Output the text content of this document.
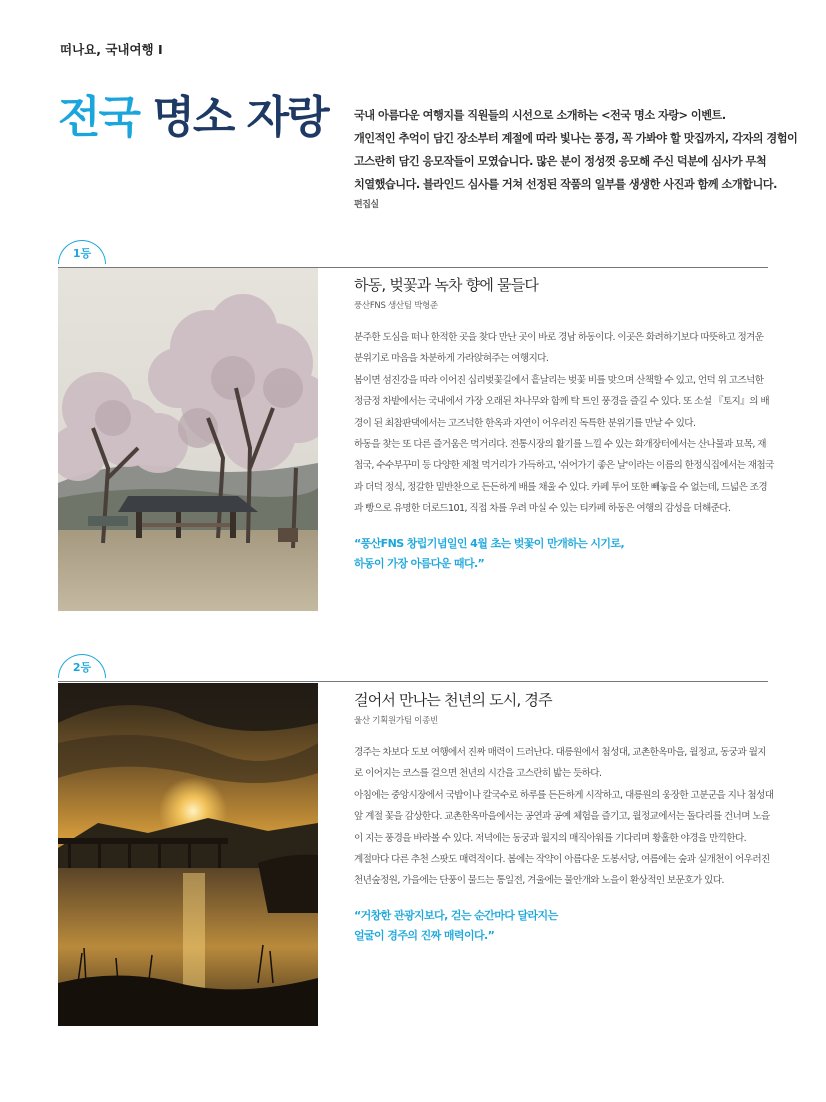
떠나요, 국내여행 Ⅰ
전국 명소 자랑 국내 아름다운 여행지를 직원들의 시선으로 소개하는 <전국 명소 자랑> 이벤트.

개인적인 추억이 담긴 장소부터 계절에 따라 빛나는 풍경, 꼭 가봐야 할 맛집까지, 각자의 경험이

고스란히 담긴 응모작들이 모였습니다. 많은 분이 정성껏 응모해 주신 덕분에 심사가 무척

치열했습니다. 블라인드 심사를 거쳐 선정된 작품의 일부를 생생한 사진과 함께 소개합니다.

편집실

1등
하동, 벚꽃과 녹차 향에 물들다
풍산FNS 생산팀 박형준

분주한 도심을 떠나 한적한 곳을 찾다 만난 곳이 바로 경남 하동이다. 이곳은 화려하기보다 따뜻하고 정겨운 분위기로 마음을 차분하게 가라앉혀주는 여행지다.

봄이면 섬진강을 따라 이어진 십리벚꽃길에서 흩날리는 벚꽃 비를 맞으며 산책할 수 있고, 언덕 위 고즈넉한 정금정 차밭에서는 국내에서 가장 오래된 차나무와 함께 탁 트인 풍경을 즐길 수 있다. 또 소설 『토지』의 배경이 된 최참판댁에서는 고즈넉한 한옥과 자연이 어우러진 독특한 분위기를 만날 수 있다.

하동을 찾는 또 다른 즐거움은 먹거리다. 전통시장의 활기를 느낄 수 있는 화개장터에서는 산나물과 묘목, 재첩국, 수수부꾸미 등 다양한 제철 먹거리가 가득하고, '쉬어가기 좋은 날'이라는 이름의 한정식집에서는 재첩국과 더덕 정식, 정갈한 밑반찬으로 든든하게 배를 채울 수 있다. 카페 투어 또한 빼놓을 수 없는데, 드넓은 조경과 빵으로 유명한 더로드101, 직접 차를 우려 마실 수 있는 티카페 하동은 여행의 감성을 더해준다.

“풍산FNS 창립기념일인 4월 초는 벚꽃이 만개하는 시기로,

하동이 가장 아름다운 때다.”

2등
걸어서 만나는 천년의 도시, 경주
울산 기획원가팀 이종빈

경주는 차보다 도보 여행에서 진짜 매력이 드러난다. 대릉원에서 첨성대, 교촌한옥마을, 월정교, 동궁과 월지로 이어지는 코스를 걸으면 천년의 시간을 고스란히 밟는 듯하다.

아침에는 중앙시장에서 국밥이나 칼국수로 하루를 든든하게 시작하고, 대릉원의 웅장한 고분군을 지나 첨성대 앞 계절 꽃을 감상한다. 교촌한옥마을에서는 공연과 공예 체험을 즐기고, 월정교에서는 돌다리를 건너며 노을이 지는 풍경을 바라볼 수 있다. 저녁에는 동궁과 월지의 매직아워를 기다리며 황홀한 야경을 만끽한다.

계절마다 다른 추천 스팟도 매력적이다. 봄에는 작약이 아름다운 도봉서당, 여름에는 숲과 실개천이 어우러진 천년숲정원, 가을에는 단풍이 물드는 통일전, 겨울에는 물안개와 노을이 환상적인 보문호가 있다.

“거창한 관광지보다, 걷는 순간마다 달라지는

얼굴이 경주의 진짜 매력이다.”
